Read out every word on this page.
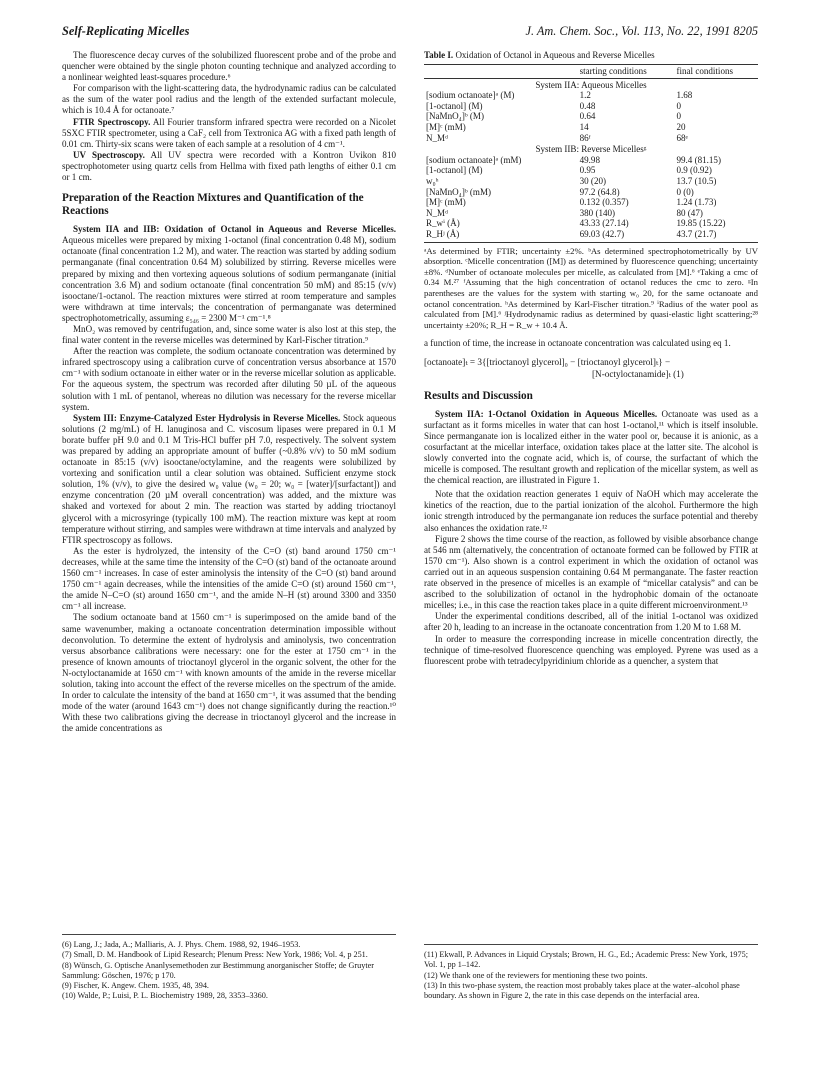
Self-Replicating Micelles	J. Am. Chem. Soc., Vol. 113, No. 22, 1991 8205

The fluorescence decay curves of the solubilized fluorescent probe and of the probe and quencher were obtained by the single photon counting technique and analyzed according to a nonlinear weighted least-squares procedure.⁶

For comparison with the light-scattering data, the hydrodynamic radius can be calculated as the sum of the water pool radius and the length of the extended surfactant molecule, which is 10.4 Å for octanoate.⁷

FTIR Spectroscopy. All Fourier transform infrared spectra were recorded on a Nicolet 5SXC FTIR spectrometer, using a CaF₂ cell from Textronica AG with a fixed path length of 0.01 cm. Thirty-six scans were taken of each sample at a resolution of 4 cm⁻¹.

UV Spectroscopy. All UV spectra were recorded with a Kontron Uvikon 810 spectrophotometer using quartz cells from Hellma with fixed path lengths of either 0.1 cm or 1 cm.

Preparation of the Reaction Mixtures and Quantification of the Reactions

System IIA and IIB: Oxidation of Octanol in Aqueous and Reverse Micelles. Aqueous micelles were prepared by mixing 1-octanol (final concentration 0.48 M), sodium octanoate (final concentration 1.2 M), and water. The reaction was started by adding sodium permanganate (final concentration 0.64 M) solubilized by stirring. Reverse micelles were prepared by mixing and then vortexing aqueous solutions of sodium permanganate (initial concentration 3.6 M) and sodium octanoate (final concentration 50 mM) and 85:15 (v/v) isooctane/1-octanol. The reaction mixtures were stirred at room temperature and samples were withdrawn at time intervals; the concentration of permanganate was determined spectrophotometrically, assuming ε₅₄₆ = 2300 M⁻¹ cm⁻¹.⁸

MnO₂ was removed by centrifugation, and, since some water is also lost at this step, the final water content in the reverse micelles was determined by Karl-Fischer titration.⁹

After the reaction was complete, the sodium octanoate concentration was determined by infrared spectroscopy using a calibration curve of concentration versus absorbance at 1570 cm⁻¹ with sodium octanoate in either water or in the reverse micellar solution as applicable. For the aqueous system, the spectrum was recorded after diluting 50 µL of the aqueous solution with 1 mL of pentanol, whereas no dilution was necessary for the reverse micellar system.

System III: Enzyme-Catalyzed Ester Hydrolysis in Reverse Micelles. Stock aqueous solutions (2 mg/mL) of H. lanuginosa and C. viscosum lipases were prepared in 0.1 M borate buffer pH 9.0 and 0.1 M Tris-HCl buffer pH 7.0, respectively. The solvent system was prepared by adding an appropriate amount of buffer (~0.8% v/v) to 50 mM sodium octanoate in 85:15 (v/v) isooctane/octylamine, and the reagents were solubilized by vortexing and sonification until a clear solution was obtained. Sufficient enzyme stock solution, 1% (v/v), to give the desired w₀ value (w₀ = 20; w₀ = [water]/[surfactant]) and enzyme concentration (20 µM overall concentration) was added, and the mixture was shaked and vortexed for about 2 min. The reaction was started by adding trioctanoyl glycerol with a microsyringe (typically 100 mM). The reaction mixture was kept at room temperature without stirring, and samples were withdrawn at time intervals and analyzed by FTIR spectroscopy as follows.

As the ester is hydrolyzed, the intensity of the C=O (st) band around 1750 cm⁻¹ decreases, while at the same time the intensity of the C=O (st) band of the octanoate around 1560 cm⁻¹ increases. In case of ester aminolysis the intensity of the C=O (st) band around 1750 cm⁻¹ again decreases, while the intensities of the amide C=O (st) around 1560 cm⁻¹, the amide N–C=O (st) around 1650 cm⁻¹, and the amide N–H (st) around 3300 and 3350 cm⁻¹ all increase.

The sodium octanoate band at 1560 cm⁻¹ is superimposed on the amide band of the same wavenumber, making a octanoate concentration determination impossible without deconvolution. To determine the extent of hydrolysis and aminolysis, two concentration versus absorbance calibrations were necessary: one for the ester at 1750 cm⁻¹ in the presence of known amounts of trioctanoyl glycerol in the organic solvent, the other for the N-octyloctanamide at 1650 cm⁻¹ with known amounts of the amide in the reverse micellar solution, taking into account the effect of the reverse micelles on the spectrum of the amide. In order to calculate the intensity of the band at 1650 cm⁻¹, it was assumed that the bending mode of the water (around 1643 cm⁻¹) does not change significantly during the reaction.¹⁰ With these two calibrations giving the decrease in trioctanoyl glycerol and the increase in the amide concentrations as

(6) Lang, J.; Jada, A.; Malliaris, A. J. Phys. Chem. 1988, 92, 1946–1953.
(7) Small, D. M. Handbook of Lipid Research; Plenum Press: New York, 1986; Vol. 4, p 251.
(8) Wünsch, G. Optische Ananlysemethoden zur Bestimmung anorganischer Stoffe; de Gruyter Sammlung: Göschen, 1976; p 170.
(9) Fischer, K. Angew. Chem. 1935, 48, 394.
(10) Walde, P.; Luisi, P. L. Biochemistry 1989, 28, 3353–3360.
Table I. Oxidation of Octanol in Aqueous and Reverse Micelles
	starting conditions	final conditions
System IIA: Aqueous Micelles		
[sodium octanoate]ᵃ (M)	1.2	1.68
[1-octanol] (M)	0.48	0
[NaMnO₄]ᵇ (M)	0.64	0
[M]ᶜ (mM)	14	20
N_Mᵈ	86ᶠ	68ᵉ
System IIB: Reverse Micellesᵍ		
[sodium octanoate]ᵃ (mM)	49.98	99.4 (81.15)
[1-octanol] (M)	0.95	0.9 (0.92)
w₀ʰ	30 (20)	13.7 (10.5)
[NaMnO₄]ᵇ (mM)	97.2 (64.8)	0 (0)
[M]ᶜ (mM)	0.132 (0.357)	1.24 (1.73)
N_Mᵈ	380 (140)	80 (47)
R_wⁱ (Å)	43.33 (27.14)	19.85 (15.22)
R_Hʲ (Å)	69.03 (42.7)	43.7 (21.7)
ᵃAs determined by FTIR; uncertainty ±2%. ᵇAs determined spectrophotometrically by UV absorption. ᶜMicelle concentration ([M]) as determined by fluorescence quenching; uncertainty ±8%. ᵈNumber of octanoate molecules per micelle, as calculated from [M].⁶ ᵉTaking a cmc of 0.34 M.²⁷ ᶠAssuming that the high concentration of octanol reduces the cmc to zero. ᵍIn parentheses are the values for the system with starting w₀ 20, for the same octanoate and octanol concentration. ʰAs determined by Karl-Fischer titration.⁹ ⁱRadius of the water pool as calculated from [M].⁶ ʲHydrodynamic radius as determined by quasi-elastic light scattering;²⁸ uncertainty ±20%; R_H = R_w + 10.4 Å.

a function of time, the increase in octanoate concentration was calculated using eq 1.

[octanoate]ₜ = 3{[trioctanoyl glycerol]₀ − [trioctanoyl glycerol]ₜ} −
[N-octyloctanamide]ₜ (1)
Results and Discussion

System IIA: 1-Octanol Oxidation in Aqueous Micelles. Octanoate was used as a surfactant as it forms micelles in water that can host 1-octanol,¹¹ which is itself insoluble. Since permanganate ion is localized either in the water pool or, because it is anionic, as a cosurfactant at the micellar interface, oxidation takes place at the latter site. The alcohol is slowly converted into the cognate acid, which is, of course, the surfactant of which the micelle is composed. The resultant growth and replication of the micellar system, as well as the chemical reaction, are illustrated in Figure 1.

Note that the oxidation reaction generates 1 equiv of NaOH which may accelerate the kinetics of the reaction, due to the partial ionization of the alcohol. Furthermore the high ionic strength introduced by the permanganate ion reduces the surface potential and thereby also enhances the oxidation rate.¹²

Figure 2 shows the time course of the reaction, as followed by visible absorbance change at 546 nm (alternatively, the concentration of octanoate formed can be followed by FTIR at 1570 cm⁻¹). Also shown is a control experiment in which the oxidation of octanol was carried out in an aqueous suspension containing 0.64 M permanganate. The faster reaction rate observed in the presence of micelles is an example of “micellar catalysis” and can be ascribed to the solubilization of octanol in the hydrophobic domain of the octanoate micelles; i.e., in this case the reaction takes place in a quite different microenvironment.¹³

Under the experimental conditions described, all of the initial 1-octanol was oxidized after 20 h, leading to an increase in the octanoate concentration from 1.20 M to 1.68 M.

In order to measure the corresponding increase in micelle concentration directly, the technique of time-resolved fluorescence quenching was employed. Pyrene was used as a fluorescent probe with tetradecylpyridinium chloride as a quencher, a system that

(11) Ekwall, P. Advances in Liquid Crystals; Brown, H. G., Ed.; Academic Press: New York, 1975; Vol. 1, pp 1–142.
(12) We thank one of the reviewers for mentioning these two points.
(13) In this two-phase system, the reaction most probably takes place at the water–alcohol phase boundary. As shown in Figure 2, the rate in this case depends on the interfacial area.
